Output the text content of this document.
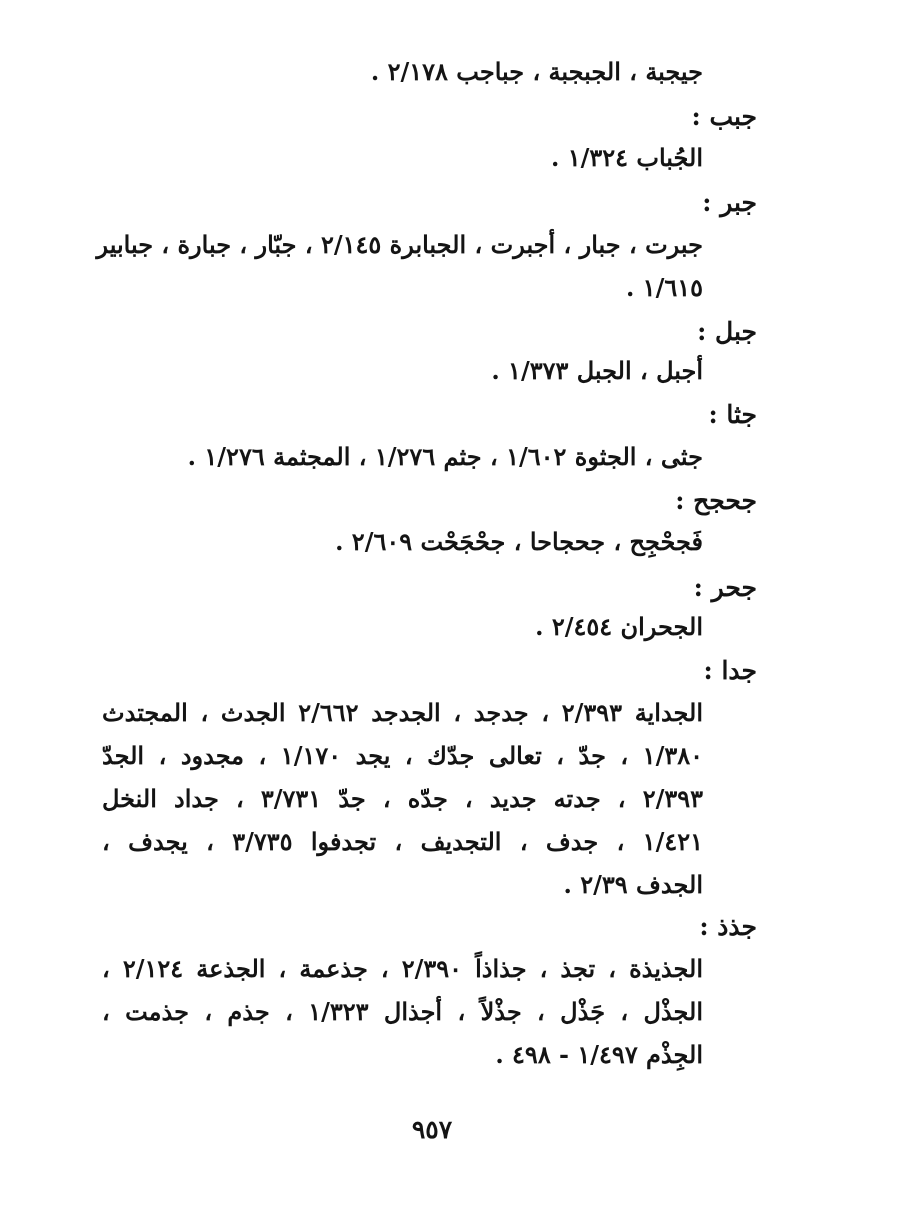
جيجبة ، الجبجبة ، جباجب ٢/١٧٨ .
جبب :
الجُباب ١/٣٢٤ .
جبر :
جبرت ، جبار ، أجبرت ، الجبابرة ٢/١٤٥ ، جبّار ، جبارة ، جبابير
١/٦١٥ .
جبل :
أجبل ، الجبل ١/٣٧٣ .
جثا :
جثى ، الجثوة ١/٦٠٢ ، جثم ١/٢٧٦ ، المجثمة ١/٢٧٦ .
جحجح :
فَجحْجِح ، جحجاحا ، جحْجَحْت ٢/٦٠٩ .
جحر :
الجحران ٢/٤٥٤ .
جدا :
الجداية ٢/٣٩٣ ، جدجد ، الجدجد ٢/٦٦٢ الجدث ، المجتدث
١/٣٨٠ ، جدّ ، تعالى جدّك ، يجد ١/١٧٠ ، مجدود ، الجدّ
٢/٣٩٣ ، جدته جديد ، جدّه ، جدّ ٣/٧٣١ ، جداد النخل
١/٤٢١ ، جدف ، التجديف ، تجدفوا ٣/٧٣٥ ، يجدف ،
الجدف ٢/٣٩ .
جذذ :
الجذيذة ، تجذ ، جذاذاً ٢/٣٩٠ ، جذعمة ، الجذعة ٢/١٢٤ ،
الجذْل ، جَذْل ، جذْلاً ، أجذال ١/٣٢٣ ، جذم ، جذمت ،
الجِذْم ١/٤٩٧ - ٤٩٨ .
٩٥٧
